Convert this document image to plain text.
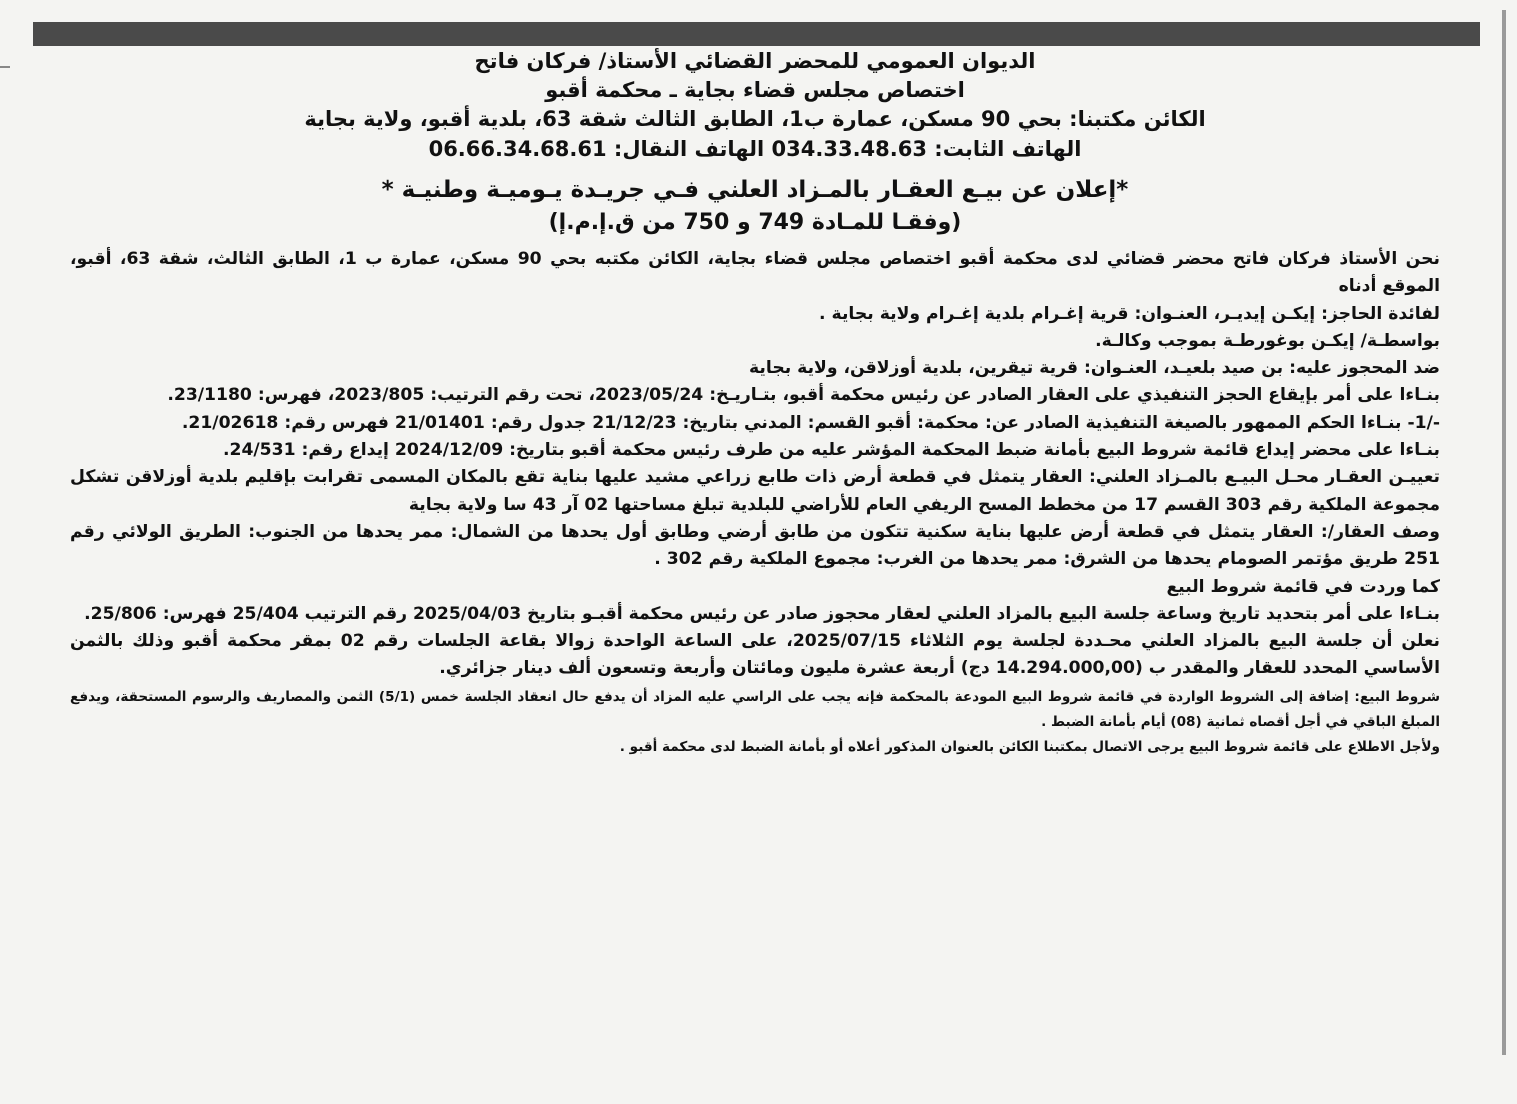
الديوان العمومي للمحضر القضائي الأستاذ/ فركان فاتح
اختصاص مجلس قضاء بجاية ـ محكمة أقبو
الكائن مكتبنا: بحي 90 مسكن، عمارة ب1، الطابق الثالث شقة 63، بلدية أقبو، ولاية بجاية
الهاتف الثابت: 034.33.48.63 الهاتف النقال: 06.66.34.68.61
*إعلان عن بيـع العقـار بالمـزاد العلني فـي جريـدة يـوميـة وطنيـة *
(وفقـا للمـادة 749 و 750 من ق.إ.م.إ)

نحن الأستاذ فركان فاتح محضر قضائي لدى محكمة أقبو اختصاص مجلس قضاء بجاية، الكائن مكتبه بحي 90 مسكن، عمارة ب 1، الطابق الثالث، شقة 63، أقبو، الموقع أدناه

لفائدة الحاجز: إيكـن إيديـر، العنـوان: قرية إغـرام بلدية إغـرام ولاية بجاية .

بواسطـة/ إيكـن بوغورطـة بموجب وكالـة.

ضد المحجوز عليه: بن صيد بلعيـد، العنـوان: قرية تيقرين، بلدية أوزلاقن، ولاية بجاية

بنـاءا على أمر بإيقاع الحجز التنفيذي على العقار الصادر عن رئيس محكمة أقبو، بتـاريـخ: 2023/05/24، تحت رقم الترتيب: 2023/805، فهرس: 23/1180.

-/1- بنـاءا الحكم الممهور بالصيغة التنفيذية الصادر عن: محكمة: أقبو القسم: المدني بتاريخ: 21/12/23 جدول رقم: 21/01401 فهرس رقم: 21/02618.

بنـاءا على محضر إيداع قائمة شروط البيع بأمانة ضبط المحكمة المؤشر عليه من طرف رئيس محكمة أقبو بتاريخ: 2024/12/09 إيداع رقم: 24/531.

تعييـن العقـار محـل البيـع بالمـزاد العلني: العقار يتمثل في قطعة أرض ذات طابع زراعي مشيد عليها بناية تقع بالمكان المسمى تقرابت بإقليم بلدية أوزلاقن تشكل مجموعة الملكية رقم 303 القسم 17 من مخطط المسح الريفي العام للأراضي للبلدية تبلغ مساحتها 02 آر 43 سا ولاية بجاية

وصف العقار/: العقار يتمثل في قطعة أرض عليها بناية سكنية تتكون من طابق أرضي وطابق أول يحدها من الشمال: ممر يحدها من الجنوب: الطريق الولائي رقم 251 طريق مؤتمر الصومام يحدها من الشرق: ممر يحدها من الغرب: مجموع الملكية رقم 302 .

كما وردت في قائمة شروط البيع

بنـاءا على أمر بتحديد تاريخ وساعة جلسة البيع بالمزاد العلني لعقار محجوز صادر عن رئيس محكمة أقبـو بتاريخ 2025/04/03 رقم الترتيب 25/404 فهرس: 25/806.

نعلن أن جلسة البيع بالمزاد العلني محـددة لجلسة يوم الثلاثاء 2025/07/15، على الساعة الواحدة زوالا بقاعة الجلسات رقم 02 بمقر محكمة أقبو وذلك بالثمن الأساسي المحدد للعقار والمقدر ب (14.294.000,00 دج) أربعة عشرة مليون ومائتان وأربعة وتسعون ألف دينار جزائري.

شروط البيع: إضافة إلى الشروط الواردة في قائمة شروط البيع المودعة بالمحكمة فإنه يجب على الراسي عليه المزاد أن يدفع حال انعقاد الجلسة خمس (5/1) الثمن والمصاريف والرسوم المستحقة، ويدفع المبلغ الباقي في أجل أقصاه ثمانية (08) أيام بأمانة الضبط .

ولأجل الاطلاع على قائمة شروط البيع يرجى الاتصال بمكتبنا الكائن بالعنوان المذكور أعلاه أو بأمانة الضبط لدى محكمة أقبو .
